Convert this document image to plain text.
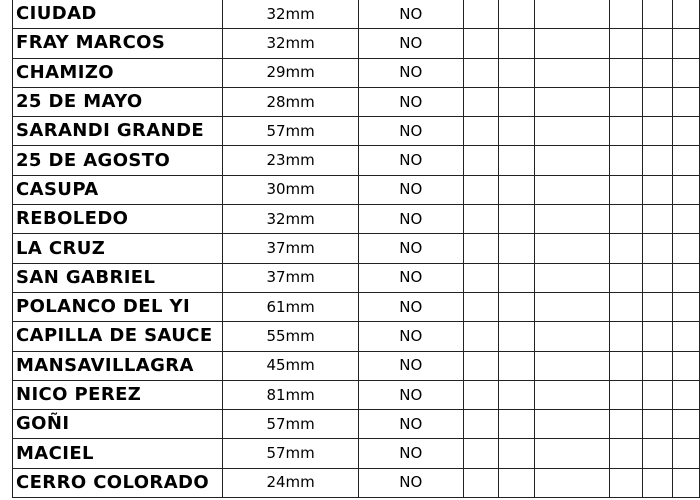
CIUDAD	32mm	NO						
FRAY MARCOS	32mm	NO						
CHAMIZO	29mm	NO						
25 DE MAYO	28mm	NO						
SARANDI GRANDE	57mm	NO						
25 DE AGOSTO	23mm	NO						
CASUPA	30mm	NO						
REBOLEDO	32mm	NO						
LA CRUZ	37mm	NO						
SAN GABRIEL	37mm	NO						
POLANCO DEL YI	61mm	NO						
CAPILLA DE SAUCE	55mm	NO						
MANSAVILLAGRA	45mm	NO						
NICO PEREZ	81mm	NO						
GOÑI	57mm	NO						
MACIEL	57mm	NO						
CERRO COLORADO	24mm	NO						
